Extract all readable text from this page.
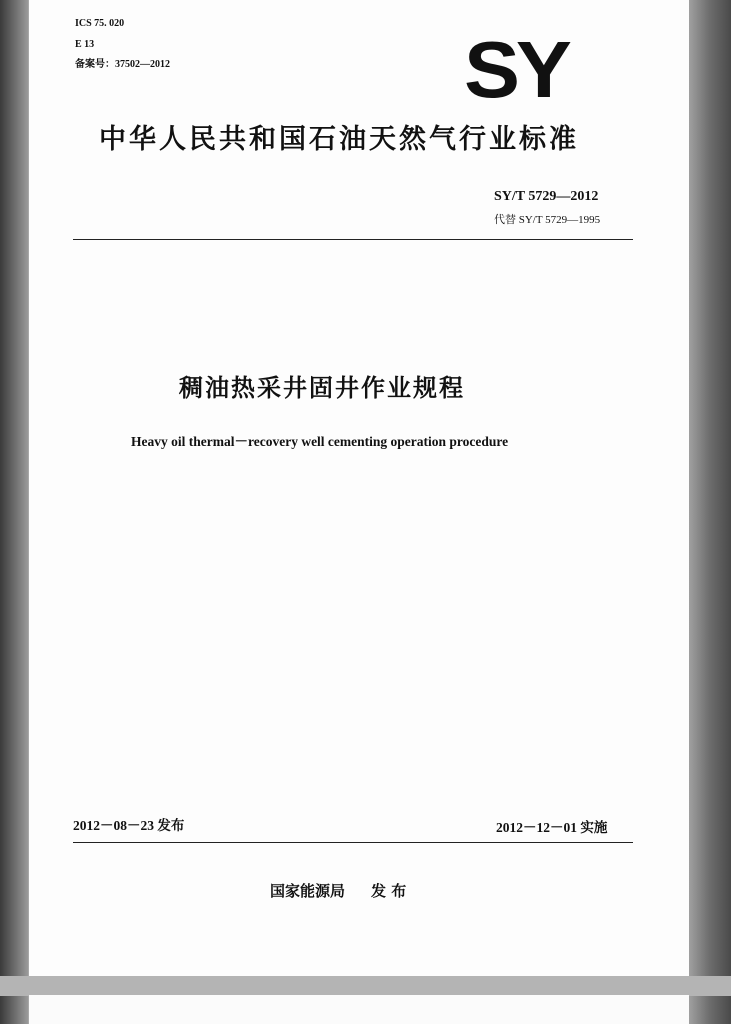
ICS 75. 020
E 13
备案号：37502—2012	SY
中华人民共和国石油天然气行业标准
SY/T 5729—2012
代替 SY/T 5729—1995
稠油热采井固井作业规程
Heavy oil thermal－recovery well cementing operation procedure
2012－08－23 发布	2012－12－01 实施
国家能源局 发 布
